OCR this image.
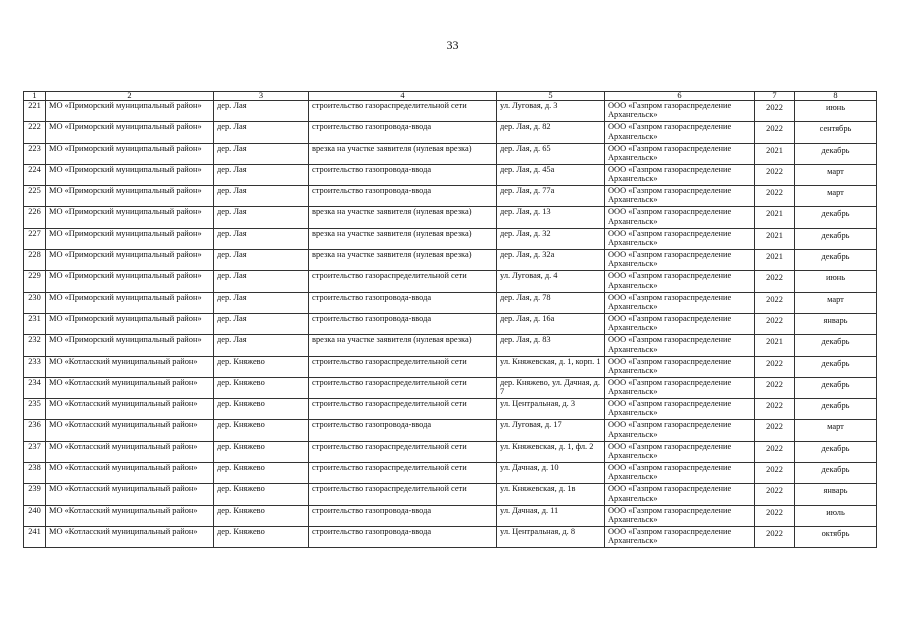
33
1	2	3	4	5	6	7	8
221	МО «Приморский муниципальный район»	дер. Лая	строительство газораспределительной сети	ул. Луговая, д. 3	ООО «Газпром газораспределение Архангельск»	2022	июнь
222	МО «Приморский муниципальный район»	дер. Лая	строительство газопровода-ввода	дер. Лая, д. 82	ООО «Газпром газораспределение Архангельск»	2022	сентябрь
223	МО «Приморский муниципальный район»	дер. Лая	врезка на участке заявителя (нулевая врезка)	дер. Лая, д. 65	ООО «Газпром газораспределение Архангельск»	2021	декабрь
224	МО «Приморский муниципальный район»	дер. Лая	строительство газопровода-ввода	дер. Лая, д. 45а	ООО «Газпром газораспределение Архангельск»	2022	март
225	МО «Приморский муниципальный район»	дер. Лая	строительство газопровода-ввода	дер. Лая, д. 77а	ООО «Газпром газораспределение Архангельск»	2022	март
226	МО «Приморский муниципальный район»	дер. Лая	врезка на участке заявителя (нулевая врезка)	дер. Лая, д. 13	ООО «Газпром газораспределение Архангельск»	2021	декабрь
227	МО «Приморский муниципальный район»	дер. Лая	врезка на участке заявителя (нулевая врезка)	дер. Лая, д. 32	ООО «Газпром газораспределение Архангельск»	2021	декабрь
228	МО «Приморский муниципальный район»	дер. Лая	врезка на участке заявителя (нулевая врезка)	дер. Лая, д. 32а	ООО «Газпром газораспределение Архангельск»	2021	декабрь
229	МО «Приморский муниципальный район»	дер. Лая	строительство газораспределительной сети	ул. Луговая, д. 4	ООО «Газпром газораспределение Архангельск»	2022	июнь
230	МО «Приморский муниципальный район»	дер. Лая	строительство газопровода-ввода	дер. Лая, д. 78	ООО «Газпром газораспределение Архангельск»	2022	март
231	МО «Приморский муниципальный район»	дер. Лая	строительство газопровода-ввода	дер. Лая, д. 16а	ООО «Газпром газораспределение Архангельск»	2022	январь
232	МО «Приморский муниципальный район»	дер. Лая	врезка на участке заявителя (нулевая врезка)	дер. Лая, д. 83	ООО «Газпром газораспределение Архангельск»	2021	декабрь
233	МО «Котласский муниципальный район»	дер. Княжево	строительство газораспределительной сети	ул. Княжевская, д. 1, корп. 1	ООО «Газпром газораспределение Архангельск»	2022	декабрь
234	МО «Котласский муниципальный район»	дер. Княжево	строительство газораспределительной сети	дер. Княжево, ул. Дачная, д. 7	ООО «Газпром газораспределение Архангельск»	2022	декабрь
235	МО «Котласский муниципальный район»	дер. Княжево	строительство газораспределительной сети	ул. Центральная, д. 3	ООО «Газпром газораспределение Архангельск»	2022	декабрь
236	МО «Котласский муниципальный район»	дер. Княжево	строительство газопровода-ввода	ул. Луговая, д. 17	ООО «Газпром газораспределение Архангельск»	2022	март
237	МО «Котласский муниципальный район»	дер. Княжево	строительство газораспределительной сети	ул. Княжевская, д. 1, фл. 2	ООО «Газпром газораспределение Архангельск»	2022	декабрь
238	МО «Котласский муниципальный район»	дер. Княжево	строительство газораспределительной сети	ул. Дачная, д. 10	ООО «Газпром газораспределение Архангельск»	2022	декабрь
239	МО «Котласский муниципальный район»	дер. Княжево	строительство газораспределительной сети	ул. Княжевская, д. 1в	ООО «Газпром газораспределение Архангельск»	2022	январь
240	МО «Котласский муниципальный район»	дер. Княжево	строительство газопровода-ввода	ул. Дачная, д. 11	ООО «Газпром газораспределение Архангельск»	2022	июль
241	МО «Котласский муниципальный район»	дер. Княжево	строительство газопровода-ввода	ул. Центральная, д. 8	ООО «Газпром газораспределение Архангельск»	2022	октябрь
